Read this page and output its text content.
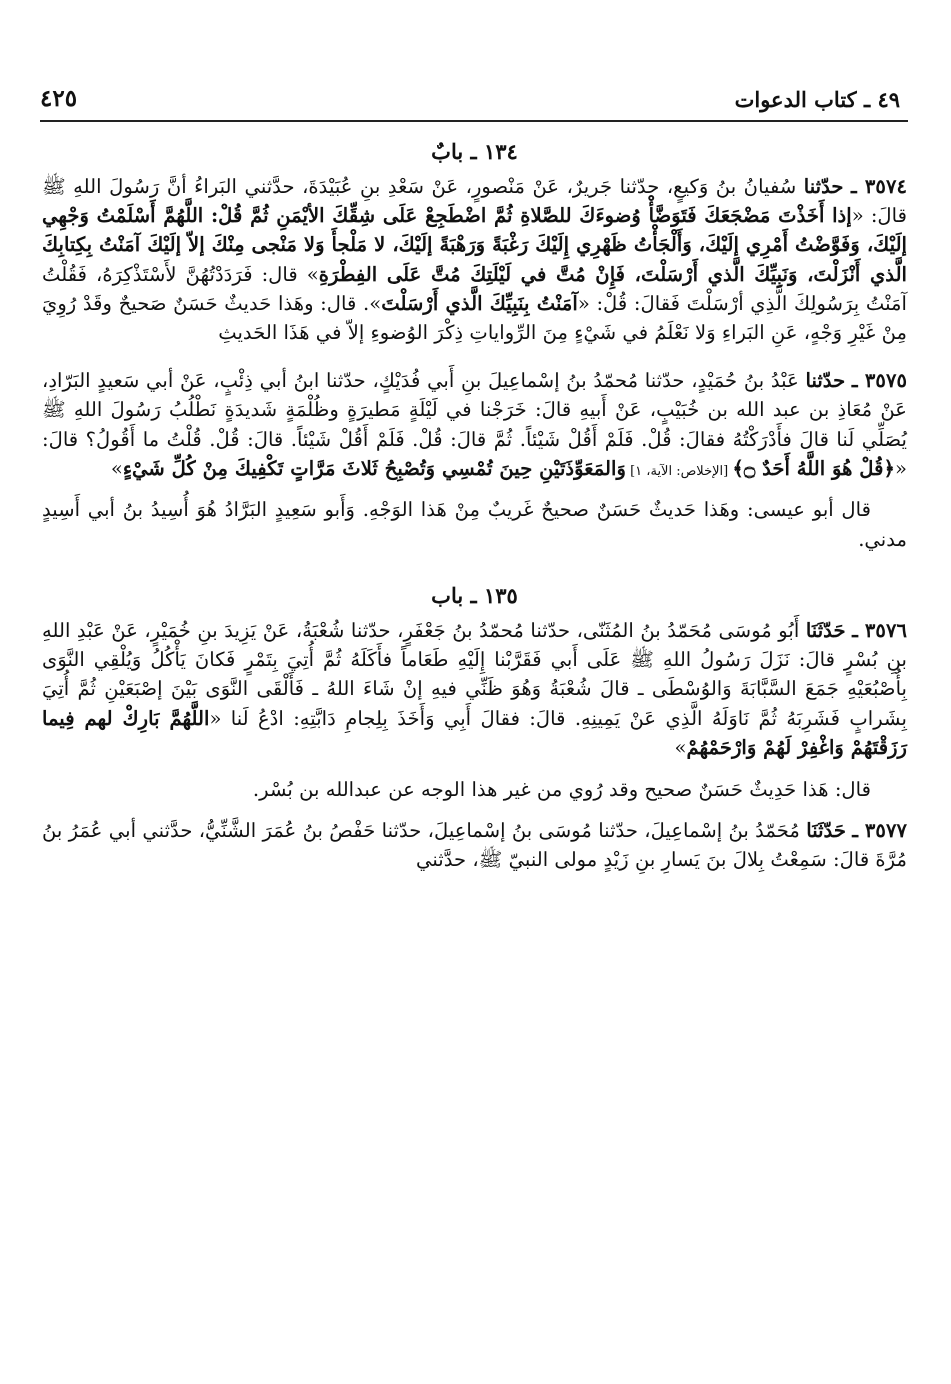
٤٩ ـ كتاب الدعوات
٤٢٥
١٣٤ ـ بابٌ

٣٥٧٤ ـ حدّثنا سُفيانُ بنُ وَكيعٍ، حدّثنا جَريرٌ، عَنْ مَنْصورٍ، عَنْ سَعْدِ بنِ عُبَيْدَةَ، حدَّثني البَراءُ أنَّ رَسُولَ اللهِ ﷺ قالَ: «إذا أَخَذْتَ مَضْجَعَكَ فَتَوَضَّأْ وُضوءَكَ للصَّلاةِ ثُمَّ اضْطَجِعْ عَلَى شِقِّكَ الأيْمَنِ ثُمَّ قُلْ: اللَّهُمَّ أَسْلَمْتُ وَجْهِي إلَيْكَ، وَفَوَّضْتُ أَمْرِي إلَيْكَ، وَأَلْجَأْتُ ظَهْرِي إِلَيْكَ رَغْبَةً وَرَهْبَةً إلَيْكَ، لا مَلْجأَ وَلا مَنْجى مِنْكَ إلاّ إلَيْكَ آمَنْتُ بِكِتابِكَ الَّذي أَنْزَلْتَ، وَنَبِيِّكَ الَّذي أَرْسَلْتَ، فَإِنْ مُتَّ في لَيْلَتِكَ مُتَّ عَلَى الفِطْرَةِ» قال: فَرَدَدْتُهُنَّ لأَسْتَذْكِرَهُ، فَقُلْتُ آمَنْتُ بِرَسُولِكَ الَّذِي أرْسَلْتَ فَقالَ: قُلْ: «آمَنْتُ بِنَبِيِّكَ الَّذي أَرْسَلْتَ». قال: وهَذا حَديثٌ حَسَنٌ صَحيحٌ وقَدْ رُوِيَ مِنْ غَيْرِ وَجْهٍ، عَنِ البَراءِ وَلا نَعْلَمُ في شَيْءٍ مِنَ الرِّواياتِ ذِكْرَ الوُضوءِ إلاّ في هَذَا الحَديثِ

٣٥٧٥ ـ حدّثنا عَبْدُ بنُ حُمَيْدٍ، حدّثنا مُحمّدُ بنُ إسْماعِيلَ بنِ أَبي فُدَيْكٍ، حدّثنا ابنُ أبي ذِئْبٍ، عَنْ أبي سَعيدٍ البَرّادِ، عَنْ مُعَاذِ بن عبد الله بن خُبَيْبٍ، عَنْ أَبيهِ قالَ: خَرَجْنا في لَيْلَةٍ مَطيرَةٍ وظُلْمَةٍ شَديدَةٍ نَطْلُبُ رَسُولَ اللهِ ﷺ يُصَلِّي لَنا قالَ فأَدْرَكْتُهُ فقالَ: قُلْ. فَلَمْ أَقُلْ شَيْئاً. ثُمَّ قالَ: قُلْ. فَلَمْ أَقُلْ شَيْئاً. قالَ: قُلْ. قُلْتُ ما أَقُولُ؟ قالَ: «﴿قُلْ هُوَ اللَّهُ أَحَدٌ ۝﴾ [الإخلاص: الآية، ١] وَالمَعَوِّذَتَيْنِ حِينَ تُمْسِي وَتُصْبِحُ ثَلاثَ مَرَّاتٍ تَكْفِيكَ مِنْ كُلِّ شَيْءٍ»

قال أبو عيسى: وهَذا حَديثٌ حَسَنٌ صحيحٌ غَريبٌ مِنْ هَذا الوَجْهِ. وَأَبو سَعِيدٍ البَرَّادُ هُوَ أُسِيدُ بنُ أبي أَسِيدٍ مدني.

١٣٥ ـ باب

٣٥٧٦ ـ حَدّثَنَا أَبُو مُوسَى مُحَمّدُ بنُ المُثَنّى، حدّثنا مُحمّدُ بنُ جَعْفَرٍ، حدّثنا شُعْبَةُ، عَنْ يَزِيدَ بنِ خُمَيْرٍ، عَنْ عَبْدِ اللهِ بنِ بُسْرٍ قالَ: نَزَلَ رَسُولُ اللهِ ﷺ عَلَى أَبي فَقَرَّبْنا إِلَيْهِ طَعَاماً فأَكَلَهُ ثُمَّ أُتِيَ بِتَمْرٍ فَكانَ يَأْكُلُ وَيُلْقِي النَّوَى بِأُصْبُعَيْهِ جَمَعَ السَّبَّابَةَ وَالوُسْطَى ـ قالَ شُعْبَةُ وَهُوَ ظَنِّي فيهِ إنْ شَاءَ اللهُ ـ فَأَلْقَى النَّوَى بَيْنَ إصْبَعَيْنِ ثُمَّ أُتِيَ بِشَرابٍ فَشَرِبَهُ ثُمَّ نَاوَلَهُ الَّذِي عَنْ يَمِينِهِ. قالَ: فقالَ أَبِي وَأَخَذَ بِلِجامِ دَابَّتِهِ: ادْعُ لَنا «اللَّهُمَّ بَارِكْ لهم فِيما رَزَقْتَهُمْ وَاغْفِرْ لَهُمْ وَارْحَمْهُمْ»

قال: هَذا حَدِيثٌ حَسَنٌ صحيح وقد رُوي من غير هذا الوجه عن عبدالله بن بُسْر.

٣٥٧٧ ـ حَدّثَنَا مُحَمّدُ بنُ إسْماعِيلَ، حدّثنا مُوسَى بنُ إسْماعِيلَ، حدّثنا حَفْصُ بنُ عُمَرَ الشَّنِّيُّ، حدَّثني أبي عُمَرُ بنُ مُرَّةَ قالَ: سَمِعْتُ بِلالَ بنَ يَسارِ بنِ زَيْدٍ مولى النبيّ ﷺ، حدَّثني
